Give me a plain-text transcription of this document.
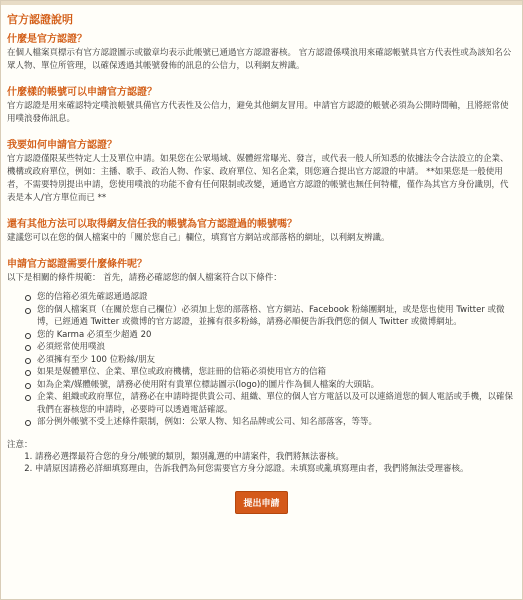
官方認證說明
什麼是官方認證？

在個人檔案頁標示有官方認證圖示或徽章均表示此帳號已通過官方認證審核。 官方認證係噗浪用來確認帳號具官方代表性或為該知名公眾人物、單位所管理，以確保透過其帳號發佈的訊息的公信力，以利網友辨識。

什麼樣的帳號可以申請官方認證？

官方認證是用來確認特定噗浪帳號具備官方代表性及公信力，避免其他網友冒用。申請官方認證的帳號必須為公開時間軸，且將經常使用噗浪發佈訊息。

我要如何申請官方認證？

官方認證僅限某些特定人士及單位申請。如果您在公眾場域、媒體經常曝光、發言，或代表一般人所知悉的依據法令合法設立的企業、機構或政府單位，例如：主播、歌手、政治人物、作家、政府單位、知名企業，則您適合提出官方認證的申請。 **如果您是一般使用者，不需要特別提出申請，您使用噗浪的功能不會有任何限制或改變，通過官方認證的帳號也無任何特權，僅作為其官方身份識別，代表是本人/官方單位而已 **

還有其他方法可以取得網友信任我的帳號為官方認證過的帳號嗎？

建議您可以在您的個人檔案中的「關於您自己」欄位，填寫官方網站或部落格的網址，以利網友辨識。

申請官方認證需要什麼條件呢？

以下是相關的條件規範： 首先，請務必確認您的個人檔案符合以下條件：

您的信箱必須先確認通過認證
您的個人檔案頁（在關於您自己欄位）必須加上您的部落格、官方網站、Facebook 粉絲團網址，或是您也使用 Twitter 或微博，已經通過 Twitter 或微博的官方認證，並擁有很多粉絲，請務必順便告訴我們您的個人 Twitter 或微博網址。
您的 Karma 必須至少超過 20
必須經常使用噗浪
必須擁有至少 100 位粉絲/朋友
如果是媒體單位、企業、單位或政府機構，您註冊的信箱必須使用官方的信箱
如為企業/媒體帳號，請務必使用附有貴單位標誌圖示(logo)的圖片作為個人檔案的大頭貼。
企業、組織或政府單位，請務必在申請時提供貴公司、組織、單位的個人官方電話以及可以連絡道您的個人電話或手機，以確保我們在審核您的申請時，必要時可以透過電話確認。
部分例外帳號不受上述條件限制，例如：公眾人物、知名品牌或公司、知名部落客，等等。
注意：
1. 請務必選擇最符合您的身分/帳號的類別，類別亂選的申請案件，我們將無法審核。
2. 申請原因請務必詳細填寫理由，告訴我們為何您需要官方身分認證。未填寫或亂填寫理由者，我們將無法受理審核。
提出申請
